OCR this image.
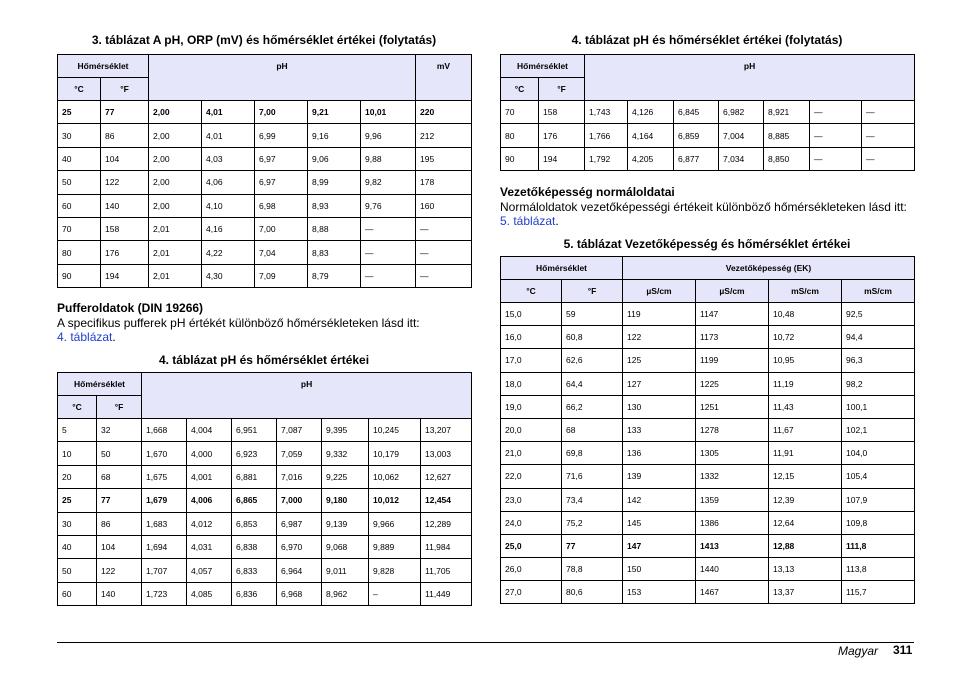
3. táblázat A pH, ORP (mV) és hőmérséklet értékei (folytatás)
Hőmérséklet		pH					mV
°C	°F						
25	77	2,00	4,01	7,00	9,21	10,01	220
30	86	2,00	4,01	6,99	9,16	9,96	212
40	104	2,00	4,03	6,97	9,06	9,88	195
50	122	2,00	4,06	6,97	8,99	9,82	178
60	140	2,00	4,10	6,98	8,93	9,76	160
70	158	2,01	4,16	7,00	8,88	—	—
80	176	2,01	4,22	7,04	8,83	—	—
90	194	2,01	4,30	7,09	8,79	—	—
Pufferoldatok (DIN 19266)
A specifikus pufferek pH értékét különböző hőmérsékleteken lásd itt:
4. táblázat.
4. táblázat pH és hőmérséklet értékei
Hőmérséklet		pH						
°C	°F							
5	32	1,668	4,004	6,951	7,087	9,395	10,245	13,207
10	50	1,670	4,000	6,923	7,059	9,332	10,179	13,003
20	68	1,675	4,001	6,881	7,016	9,225	10,062	12,627
25	77	1,679	4,006	6,865	7,000	9,180	10,012	12,454
30	86	1,683	4,012	6,853	6,987	9,139	9,966	12,289
40	104	1,694	4,031	6,838	6,970	9,068	9,889	11,984
50	122	1,707	4,057	6,833	6,964	9,011	9,828	11,705
60	140	1,723	4,085	6,836	6,968	8,962	–	11,449
4. táblázat pH és hőmérséklet értékei (folytatás)
Hőmérséklet		pH						
°C	°F							
70	158	1,743	4,126	6,845	6,982	8,921	—	—
80	176	1,766	4,164	6,859	7,004	8,885	—	—
90	194	1,792	4,205	6,877	7,034	8,850	—	—
Vezetőképesség normáloldatai
Normáloldatok vezetőképességi értékeit különböző hőmérsékleteken lásd itt: 5. táblázat.
5. táblázat Vezetőképesség és hőmérséklet értékei
Hőmérséklet		Vezetőképesség (EK)			
°C	°F	µS/cm	µS/cm	mS/cm	mS/cm
15,0	59	119	1147	10,48	92,5
16,0	60,8	122	1173	10,72	94,4
17,0	62,6	125	1199	10,95	96,3
18,0	64,4	127	1225	11,19	98,2
19,0	66,2	130	1251	11,43	100,1
20,0	68	133	1278	11,67	102,1
21,0	69,8	136	1305	11,91	104,0
22,0	71,6	139	1332	12,15	105,4
23,0	73,4	142	1359	12,39	107,9
24,0	75,2	145	1386	12,64	109,8
25,0	77	147	1413	12,88	111,8
26,0	78,8	150	1440	13,13	113,8
27,0	80,6	153	1467	13,37	115,7
Magyar 311
